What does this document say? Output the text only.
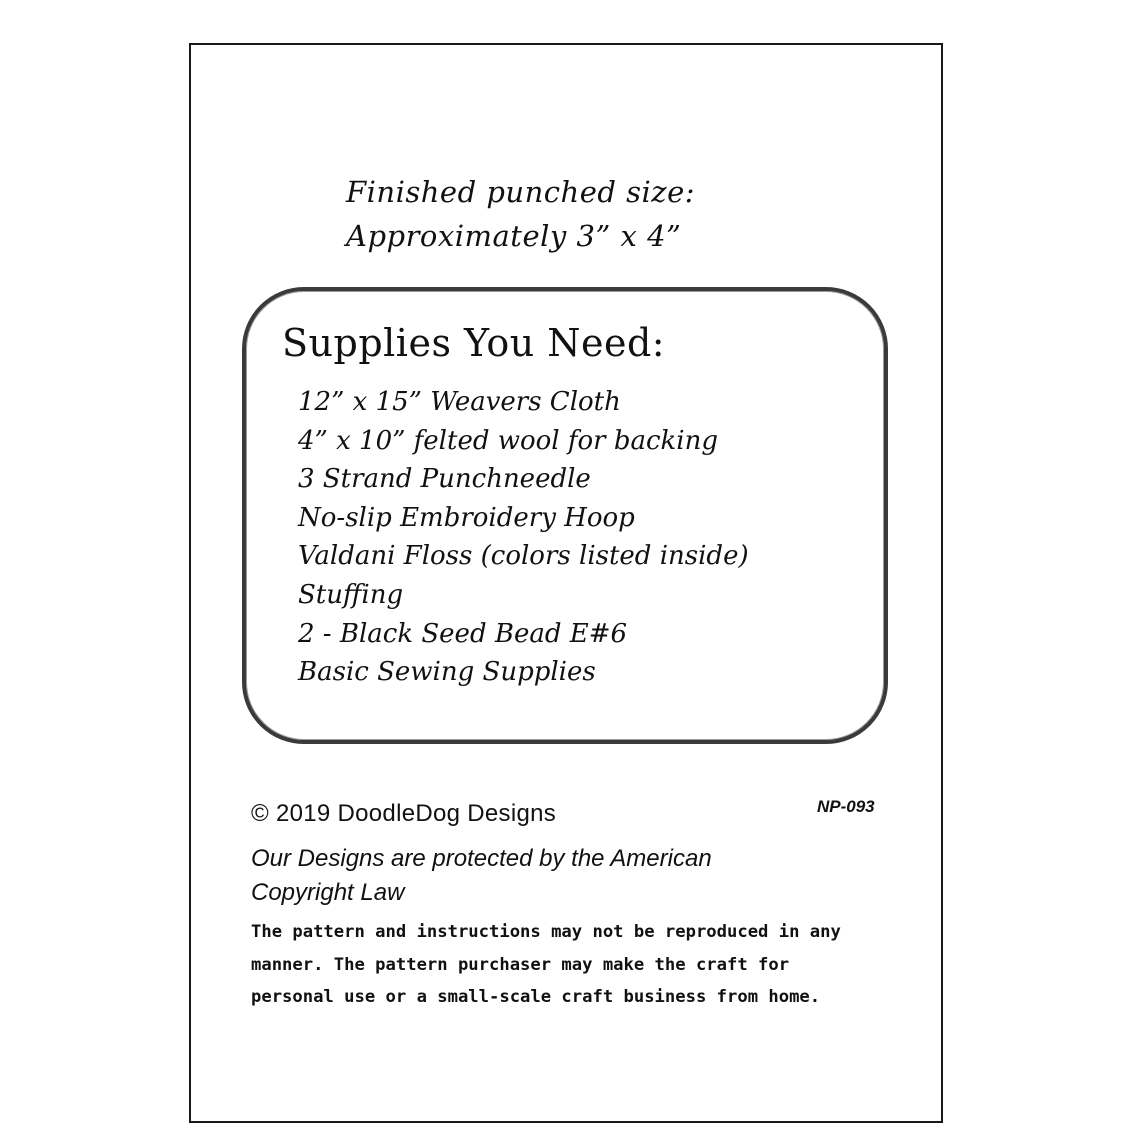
Finished punched size:
Approximately 3” x 4”
Supplies You Need:
12” x 15” Weavers Cloth
4” x 10” felted wool for backing
3 Strand Punchneedle
No-slip Embroidery Hoop
Valdani Floss (colors listed inside)
Stuffing
2 - Black Seed Bead E#6
Basic Sewing Supplies
© 2019 DoodleDog Designs	NP-093
Our Designs are protected by the American
Copyright Law
The pattern and instructions may not be reproduced in any
manner. The pattern purchaser may make the craft for
personal use or a small-scale craft business from home.
